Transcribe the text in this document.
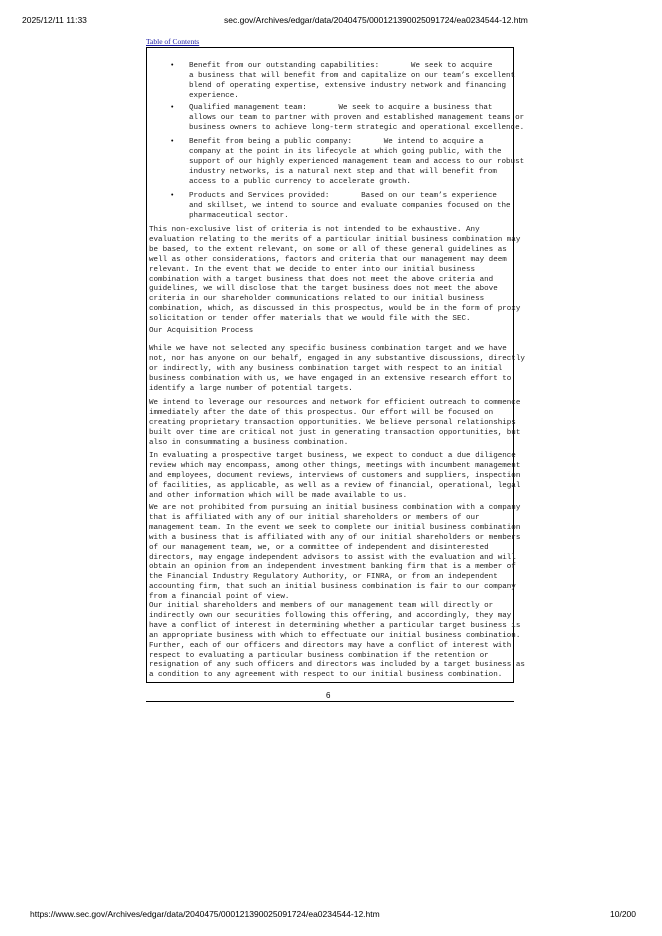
2025/12/11 11:33	sec.gov/Archives/edgar/data/2040475/000121390025091724/ea0234544-12.htm
Table of Contents
• Benefit from our outstanding capabilities:       We seek to acquire
a business that will benefit from and capitalize on our team’s excellent
blend of operating expertise, extensive industry network and financing
experience.
• Qualified management team:       We seek to acquire a business that
allows our team to partner with proven and established management teams or
business owners to achieve long-term strategic and operational excellence.
• Benefit from being a public company:       We intend to acquire a
company at the point in its lifecycle at which going public, with the
support of our highly experienced management team and access to our robust
industry networks, is a natural next step and that will benefit from
access to a public currency to accelerate growth.
• Products and Services provided:       Based on our team’s experience
and skillset, we intend to source and evaluate companies focused on the
pharmaceutical sector.
This non-exclusive list of criteria is not intended to be exhaustive. Any
evaluation relating to the merits of a particular initial business combination may
be based, to the extent relevant, on some or all of these general guidelines as
well as other considerations, factors and criteria that our management may deem
relevant. In the event that we decide to enter into our initial business
combination with a target business that does not meet the above criteria and
guidelines, we will disclose that the target business does not meet the above
criteria in our shareholder communications related to our initial business
combination, which, as discussed in this prospectus, would be in the form of proxy
solicitation or tender offer materials that we would file with the SEC.
Our Acquisition Process
While we have not selected any specific business combination target and we have
not, nor has anyone on our behalf, engaged in any substantive discussions, directly
or indirectly, with any business combination target with respect to an initial
business combination with us, we have engaged in an extensive research effort to
identify a large number of potential targets.
We intend to leverage our resources and network for efficient outreach to commence
immediately after the date of this prospectus. Our effort will be focused on
creating proprietary transaction opportunities. We believe personal relationships
built over time are critical not just in generating transaction opportunities, but
also in consummating a business combination.
In evaluating a prospective target business, we expect to conduct a due diligence
review which may encompass, among other things, meetings with incumbent management
and employees, document reviews, interviews of customers and suppliers, inspection
of facilities, as applicable, as well as a review of financial, operational, legal
and other information which will be made available to us.
We are not prohibited from pursuing an initial business combination with a company
that is affiliated with any of our initial shareholders or members of our
management team. In the event we seek to complete our initial business combination
with a business that is affiliated with any of our initial shareholders or members
of our management team, we, or a committee of independent and disinterested
directors, may engage independent advisors to assist with the evaluation and will
obtain an opinion from an independent investment banking firm that is a member of
the Financial Industry Regulatory Authority, or FINRA, or from an independent
accounting firm, that such an initial business combination is fair to our company
from a financial point of view.
Our initial shareholders and members of our management team will directly or
indirectly own our securities following this offering, and accordingly, they may
have a conflict of interest in determining whether a particular target business is
an appropriate business with which to effectuate our initial business combination.
Further, each of our officers and directors may have a conflict of interest with
respect to evaluating a particular business combination if the retention or
resignation of any such officers and directors was included by a target business as
a condition to any agreement with respect to our initial business combination.
6
https://www.sec.gov/Archives/edgar/data/2040475/000121390025091724/ea0234544-12.htm	10/200
